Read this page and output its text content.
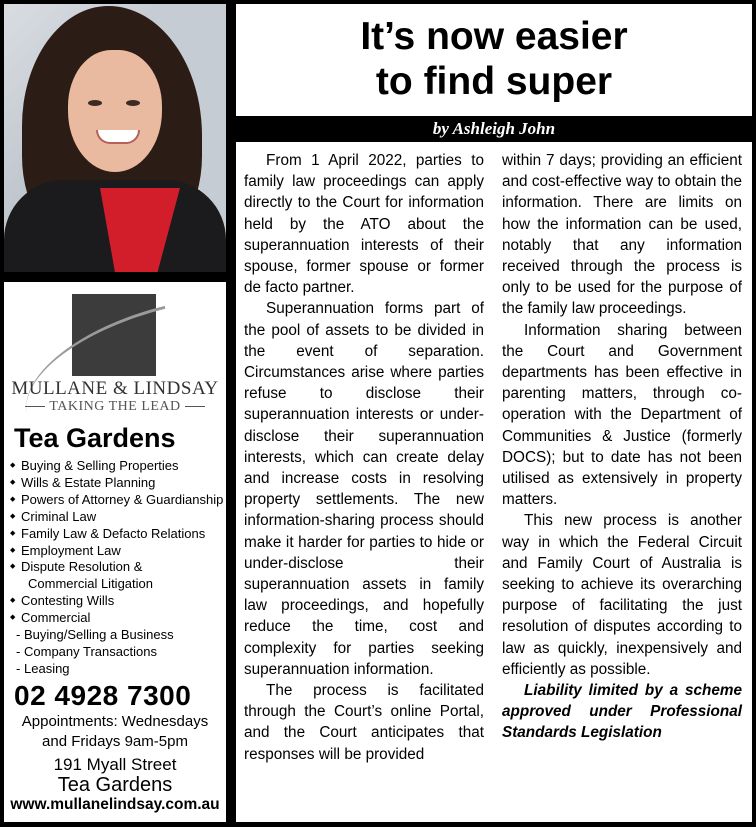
MULLANE & LINDSAY
TAKING THE LEAD
Tea Gardens
◆ Buying & Selling Properties
◆ Wills & Estate Planning
◆ Powers of Attorney & Guardianship
◆ Criminal Law
◆ Family Law & Defacto Relations
◆ Employment Law
◆ Dispute Resolution &
Commercial Litigation
◆ Contesting Wills
◆ Commercial
- Buying/Selling a Business
- Company Transactions
- Leasing
02 4928 7300
Appointments: Wednesdays
and Fridays 9am-5pm
191 Myall Street
Tea Gardens
www.mullanelindsay.com.au
It’s now easier
to find super
by Ashleigh John

From 1 April 2022, parties to family law proceedings can apply directly to the Court for information held by the ATO about the superannuation interests of their spouse, former spouse or former de facto partner.

Superannuation forms part of the pool of assets to be divided in the event of separation. Circumstances arise where parties refuse to disclose their superannuation interests or under-disclose their superannuation interests, which can create delay and increase costs in resolving property settlements. The new information-sharing process should make it harder for parties to hide or under-disclose their superannuation assets in family law proceedings, and hopefully reduce the time, cost and complexity for parties seeking superannuation information.

The process is facilitated through the Court’s online Portal, and the Court anticipates that responses will be provided

within 7 days; providing an efficient and cost-effective way to obtain the information. There are limits on how the information can be used, notably that any information received through the process is only to be used for the purpose of the family law proceedings.

Information sharing between the Court and Government departments has been effective in parenting matters, through co-operation with the Department of Communities & Justice (formerly DOCS); but to date has not been utilised as extensively in property matters.

This new process is another way in which the Federal Circuit and Family Court of Australia is seeking to achieve its overarching purpose of facilitating the just resolution of disputes according to law as quickly, inexpensively and efficiently as possible.

Liability limited by a scheme approved under Professional Standards Legislation
